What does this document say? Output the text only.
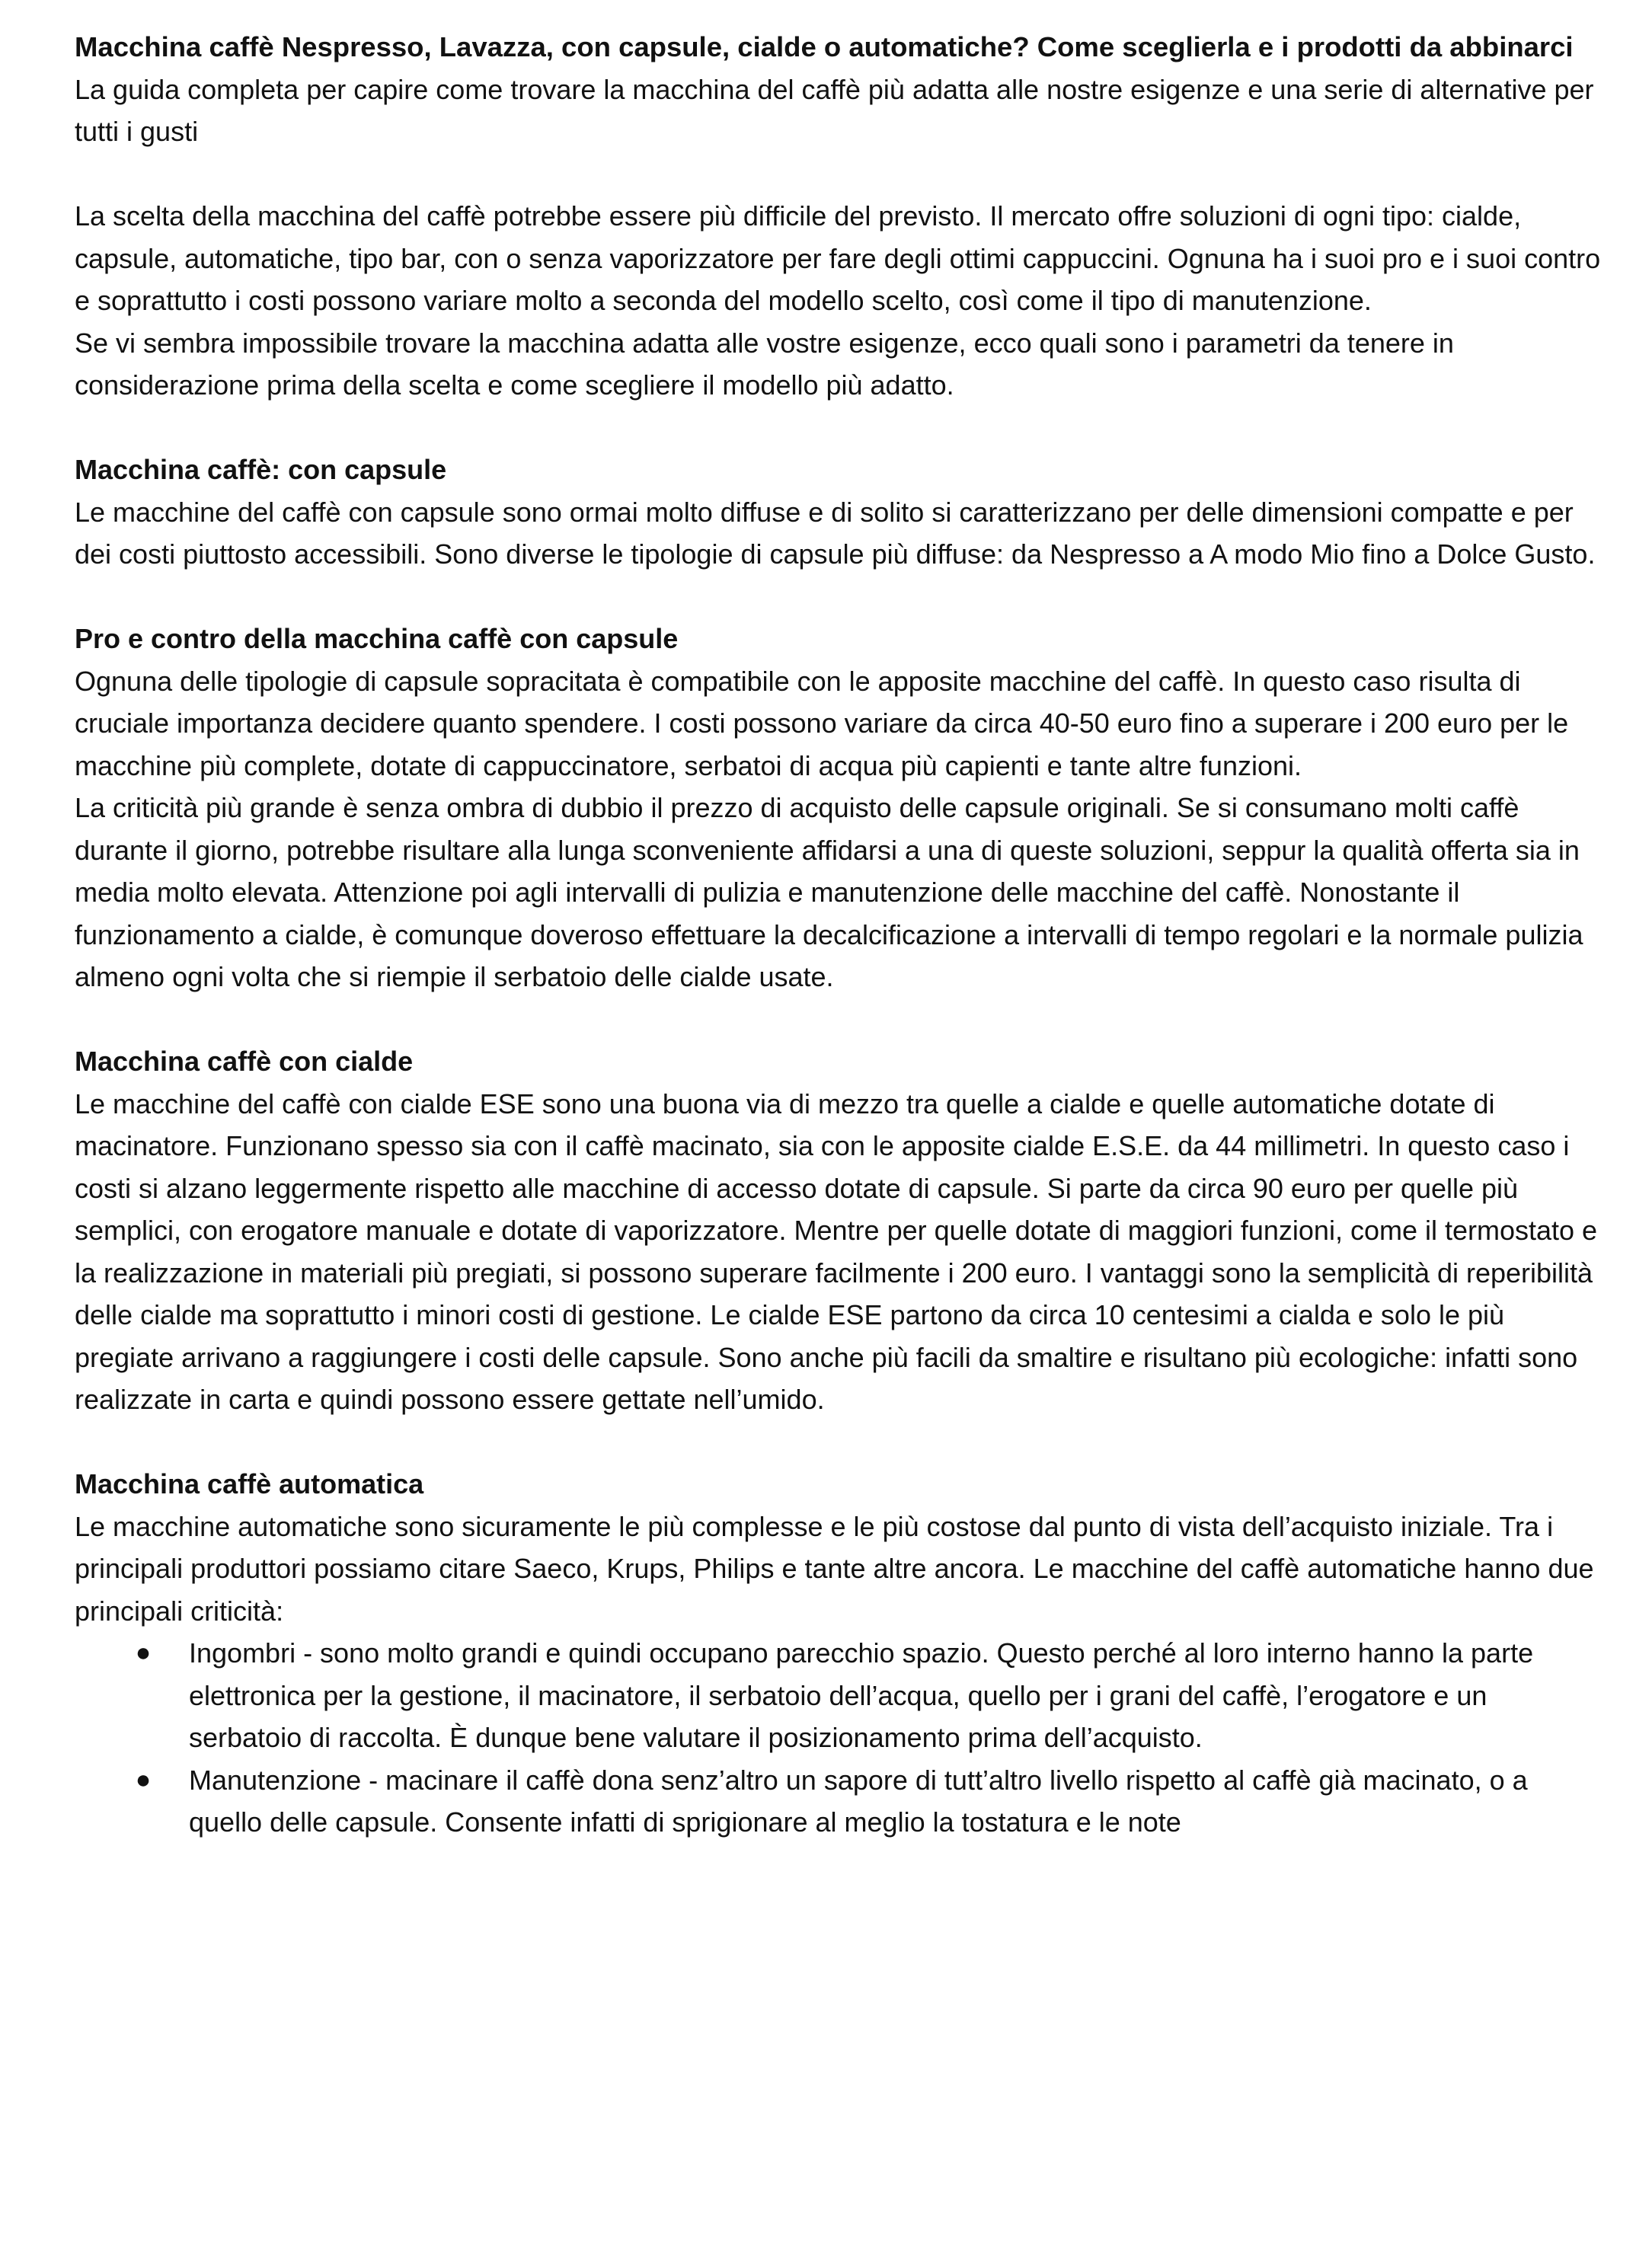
Macchina caffè Nespresso, Lavazza, con capsule, cialde o automatiche? Come sceglierla e i prodotti da abbinarci

La guida completa per capire come trovare la macchina del caffè più adatta alle nostre esigenze e una serie di alternative per tutti i gusti

La scelta della macchina del caffè potrebbe essere più difficile del previsto. Il mercato offre soluzioni di ogni tipo: cialde, capsule, automatiche, tipo bar, con o senza vaporizzatore per fare degli ottimi cappuccini. Ognuna ha i suoi pro e i suoi contro e soprattutto i costi possono variare molto a seconda del modello scelto, così come il tipo di manutenzione.

Se vi sembra impossibile trovare la macchina adatta alle vostre esigenze, ecco quali sono i parametri da tenere in considerazione prima della scelta e come scegliere il modello più adatto.

Macchina caffè: con capsule

Le macchine del caffè con capsule sono ormai molto diffuse e di solito si caratterizzano per delle dimensioni compatte e per dei costi piuttosto accessibili. Sono diverse le tipologie di capsule più diffuse: da Nespresso a A modo Mio fino a Dolce Gusto.

Pro e contro della macchina caffè con capsule

Ognuna delle tipologie di capsule sopracitata è compatibile con le apposite macchine del caffè. In questo caso risulta di cruciale importanza decidere quanto spendere. I costi possono variare da circa 40-50 euro fino a superare i 200 euro per le macchine più complete, dotate di cappuccinatore, serbatoi di acqua più capienti e tante altre funzioni.

La criticità più grande è senza ombra di dubbio il prezzo di acquisto delle capsule originali. Se si consumano molti caffè durante il giorno, potrebbe risultare alla lunga sconveniente affidarsi a una di queste soluzioni, seppur la qualità offerta sia in media molto elevata. Attenzione poi agli intervalli di pulizia e manutenzione delle macchine del caffè. Nonostante il funzionamento a cialde, è comunque doveroso effettuare la decalcificazione a intervalli di tempo regolari e la normale pulizia almeno ogni volta che si riempie il serbatoio delle cialde usate.

Macchina caffè con cialde

Le macchine del caffè con cialde ESE sono una buona via di mezzo tra quelle a cialde e quelle automatiche dotate di macinatore. Funzionano spesso sia con il caffè macinato, sia con le apposite cialde E.S.E. da 44 millimetri. In questo caso i costi si alzano leggermente rispetto alle macchine di accesso dotate di capsule. Si parte da circa 90 euro per quelle più semplici, con erogatore manuale e dotate di vaporizzatore. Mentre per quelle dotate di maggiori funzioni, come il termostato e la realizzazione in materiali più pregiati, si possono superare facilmente i 200 euro. I vantaggi sono la semplicità di reperibilità delle cialde ma soprattutto i minori costi di gestione. Le cialde ESE partono da circa 10 centesimi a cialda e solo le più pregiate arrivano a raggiungere i costi delle capsule. Sono anche più facili da smaltire e risultano più ecologiche: infatti sono realizzate in carta e quindi possono essere gettate nell’umido.

Macchina caffè automatica

Le macchine automatiche sono sicuramente le più complesse e le più costose dal punto di vista dell’acquisto iniziale. Tra i principali produttori possiamo citare Saeco, Krups, Philips e tante altre ancora. Le macchine del caffè automatiche hanno due principali criticità:

● Ingombri - sono molto grandi e quindi occupano parecchio spazio. Questo perché al loro interno hanno la parte elettronica per la gestione, il macinatore, il serbatoio dell’acqua, quello per i grani del caffè, l’erogatore e un serbatoio di raccolta. È dunque bene valutare il posizionamento prima dell’acquisto.
● Manutenzione - macinare il caffè dona senz’altro un sapore di tutt’altro livello rispetto al caffè già macinato, o a quello delle capsule. Consente infatti di sprigionare al meglio la tostatura e le note
